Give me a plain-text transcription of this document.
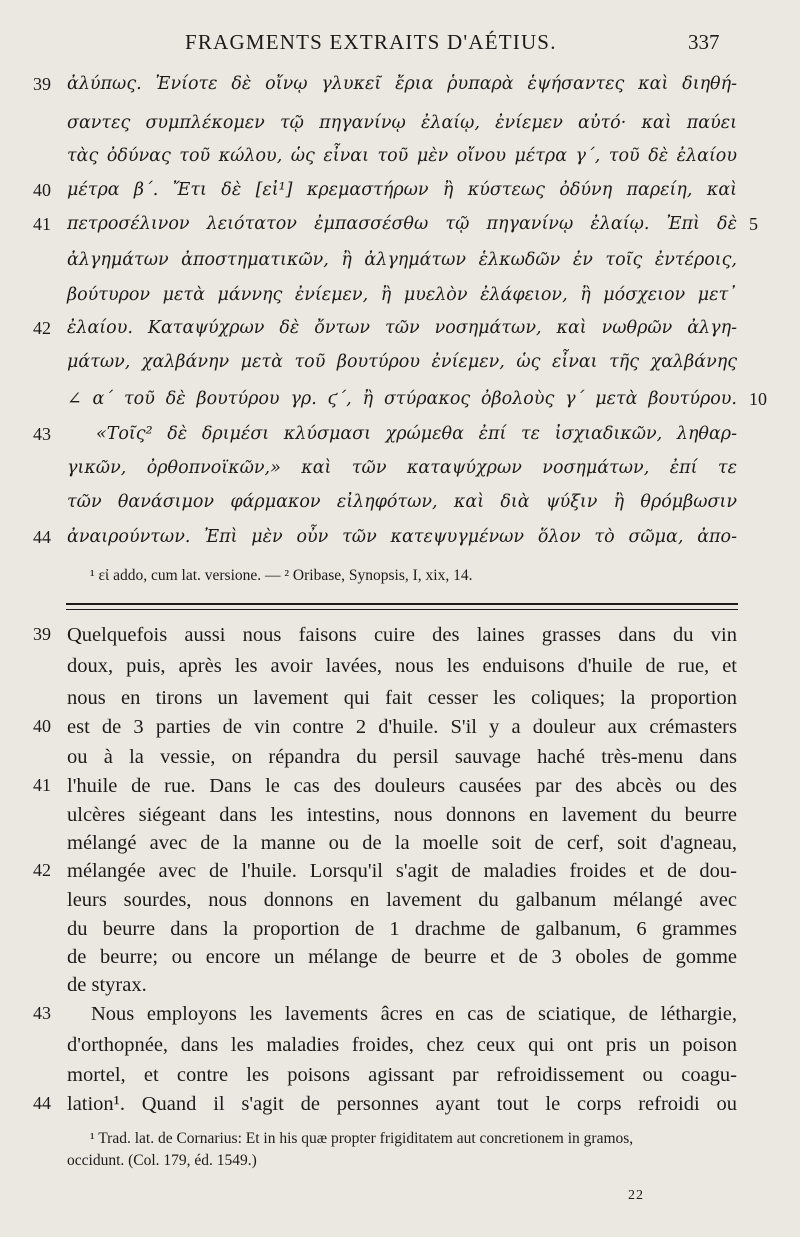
FRAGMENTS EXTRAITS D'AÉTIUS.	337
39 ἀλύπως. Ἐνίοτε δὲ οἴνῳ γλυκεῖ ἔρια ῥυπαρὰ ἑψήσαντες καὶ διηθή-
σαντες συμπλέκομεν τῷ πηγανίνῳ ἐλαίῳ, ἐνίεμεν αὐτό· καὶ παύει
τὰς ὀδύνας τοῦ κώλου, ὡς εἶναι τοῦ μὲν οἴνου μέτρα γ΄, τοῦ δὲ ἐλαίου
40 μέτρα β΄. Ἔτι δὲ [εἰ¹] κρεμαστήρων ἢ κύστεως ὀδύνη παρείη, καὶ
41 πετροσέλινον λειότατον ἐμπασσέσθω τῷ πηγανίνῳ ἐλαίῳ. Ἐπὶ δὲ 5
ἀλγημάτων ἀποστηματικῶν, ἢ ἀλγημάτων ἑλκωδῶν ἐν τοῖς ἐντέροις,
βούτυρον μετὰ μάννης ἐνίεμεν, ἢ μυελὸν ἐλάφειον, ἢ μόσχειον μετ᾽
42 ἐλαίου. Καταψύχρων δὲ ὄντων τῶν νοσημάτων, καὶ νωθρῶν ἀλγη-
μάτων, χαλβάνην μετὰ τοῦ βουτύρου ἐνίεμεν, ὡς εἶναι τῆς χαλβάνης
∠ α΄ τοῦ δὲ βουτύρου γρ. ϛ΄, ἢ στύρακος ὀβολοὺς γ΄ μετὰ βουτύρου. 10
43	«Τοῖς² δὲ δριμέσι κλύσμασι χρώμεθα ἐπί τε ἰσχιαδικῶν, ληθαρ-
γικῶν, ὀρθοπνοϊκῶν,» καὶ τῶν καταψύχρων νοσημάτων, ἐπί τε
τῶν θανάσιμον φάρμακον εἰληφότων, καὶ διὰ ψύξιν ἢ θρόμβωσιν
44 ἀναιρούντων. Ἐπὶ μὲν οὖν τῶν κατεψυγμένων ὅλον τὸ σῶμα, ἀπο-
¹ εἰ addo, cum lat. versione. — ² Oribase, Synopsis, I, xix, 14.
39 Quelquefois aussi nous faisons cuire des laines grasses dans du vin
doux, puis, après les avoir lavées, nous les enduisons d'huile de rue, et
nous en tirons un lavement qui fait cesser les coliques; la proportion
40 est de 3 parties de vin contre 2 d'huile. S'il y a douleur aux crémasters
ou à la vessie, on répandra du persil sauvage haché très-menu dans
41 l'huile de rue. Dans le cas des douleurs causées par des abcès ou des
ulcères siégeant dans les intestins, nous donnons en lavement du beurre
mélangé avec de la manne ou de la moelle soit de cerf, soit d'agneau,
42 mélangée avec de l'huile. Lorsqu'il s'agit de maladies froides et de dou-
leurs sourdes, nous donnons en lavement du galbanum mélangé avec
du beurre dans la proportion de 1 drachme de galbanum, 6 grammes
de beurre; ou encore un mélange de beurre et de 3 oboles de gomme
de styrax.
43	Nous employons les lavements âcres en cas de sciatique, de léthargie,
d'orthopnée, dans les maladies froides, chez ceux qui ont pris un poison
mortel, et contre les poisons agissant par refroidissement ou coagu-
44 lation¹. Quand il s'agit de personnes ayant tout le corps refroidi ou
¹ Trad. lat. de Cornarius: Et in his quæ propter frigiditatem aut concretionem in gramos,
occidunt. (Col. 179, éd. 1549.)
22
